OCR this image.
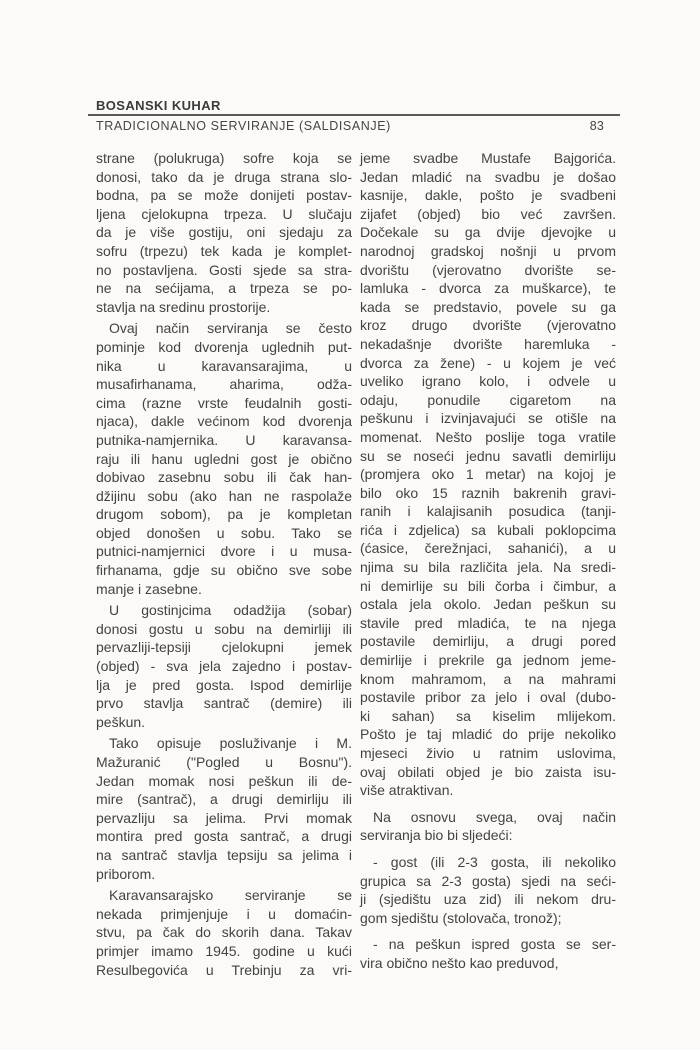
BOSANSKI KUHAR
TRADICIONALNO SERVIRANJE (SALDISANJE)	83
strane (polukruga) sofre koja se
donosi, tako da je druga strana slo-
bodna, pa se može donijeti postav-
ljena cjelokupna trpeza. U slučaju
da je više gostiju, oni sjedaju za
sofru (trpezu) tek kada je komplet-
no postavljena. Gosti sjede sa stra-
ne na sećijama, a trpeza se po-
stavlja na sredinu prostorije.
Ovaj način serviranja se često
pominje kod dvorenja uglednih put-
nika u karavansarajima, u
musafirhanama, aharima, odža-
cima (razne vrste feudalnih gosti-
njaca), dakle većinom kod dvorenja
putnika-namjernika. U karavansa-
raju ili hanu ugledni gost je obično
dobivao zasebnu sobu ili čak han-
džijinu sobu (ako han ne raspolaže
drugom sobom), pa je kompletan
objed donošen u sobu. Tako se
putnici-namjernici dvore i u musa-
firhanama, gdje su obično sve sobe
manje i zasebne.
U gostinjcima odadžija (sobar)
donosi gostu u sobu na demirliji ili
pervazliji-tepsiji cjelokupni jemek
(objed) - sva jela zajedno i postav-
lja je pred gosta. Ispod demirlije
prvo stavlja santrač (demire) ili
peškun.
Tako opisuje posluživanje i M.
Mažuranić ("Pogled u Bosnu").
Jedan momak nosi peškun ili de-
mire (santrač), a drugi demirliju ili
pervazliju sa jelima. Prvi momak
montira pred gosta santrač, a drugi
na santrač stavlja tepsiju sa jelima i
priborom.
Karavansarajsko serviranje se
nekada primjenjuje i u domaćin-
stvu, pa čak do skorih dana. Takav
primjer imamo 1945. godine u kući
Resulbegovića u Trebinju za vri-
jeme svadbe Mustafe Bajgorića.
Jedan mladić na svadbu je došao
kasnije, dakle, pošto je svadbeni
zijafet (objed) bio već završen.
Dočekale su ga dvije djevojke u
narodnoj gradskoj nošnji u prvom
dvorištu (vjerovatno dvorište se-
lamluka - dvorca za muškarce), te
kada se predstavio, povele su ga
kroz drugo dvorište (vjerovatno
nekadašnje dvorište haremluka -
dvorca za žene) - u kojem je već
uveliko igrano kolo, i odvele u
odaju, ponudile cigaretom na
peškunu i izvinjavajući se otišle na
momenat. Nešto poslije toga vratile
su se noseći jednu savatli demirliju
(promjera oko 1 metar) na kojoj je
bilo oko 15 raznih bakrenih gravi-
ranih i kalajisanih posudica (tanji-
rića i zdjelica) sa kubali poklopcima
(ćasice, čerežnjaci, sahanići), a u
njima su bila različita jela. Na sredi-
ni demirlije su bili čorba i čimbur, a
ostala jela okolo. Jedan peškun su
stavile pred mladića, te na njega
postavile demirliju, a drugi pored
demirlije i prekrile ga jednom jeme-
knom mahramom, a na mahrami
postavile pribor za jelo i oval (dubo-
ki sahan) sa kiselim mlijekom.
Pošto je taj mladić do prije nekoliko
mjeseci živio u ratnim uslovima,
ovaj obilati objed je bio zaista isu-
više atraktivan.
Na osnovu svega, ovaj način
serviranja bio bi sljedeći:
- gost (ili 2-3 gosta, ili nekoliko
grupica sa 2-3 gosta) sjedi na seći-
ji (sjedištu uza zid) ili nekom dru-
gom sjedištu (stolovača, tronož);
- na peškun ispred gosta se ser-
vira obično nešto kao preduvod,
